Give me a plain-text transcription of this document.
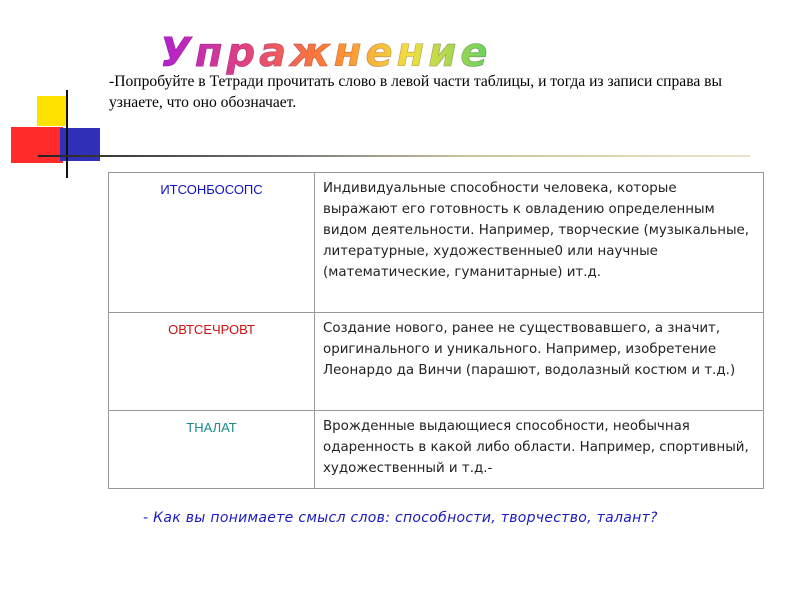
Упражнение
-Попробуйте в Тетради прочитать слово в левой части таблицы, и тогда из записи справа вы узнаете, что оно обозначает.
ИТСОНБОСОПС	Индивидуальные способности человека, которые выражают его готовность к овладению определенным видом деятельности. Например, творческие (музыкальные, литературные, художественные0 или научные (математические, гуманитарные) ит.д.
ОВТСЕЧРОВТ	Создание нового, ранее не существовавшего, а значит, оригинального и уникального. Например, изобретение Леонардо да Винчи (парашют, водолазный костюм и т.д.)
ТНАЛАТ	Врожденные выдающиеся способности, необычная одаренность в какой либо области. Например, спортивный, художественный и т.д.-
- Как вы понимаете смысл слов: способности, творчество, талант?
